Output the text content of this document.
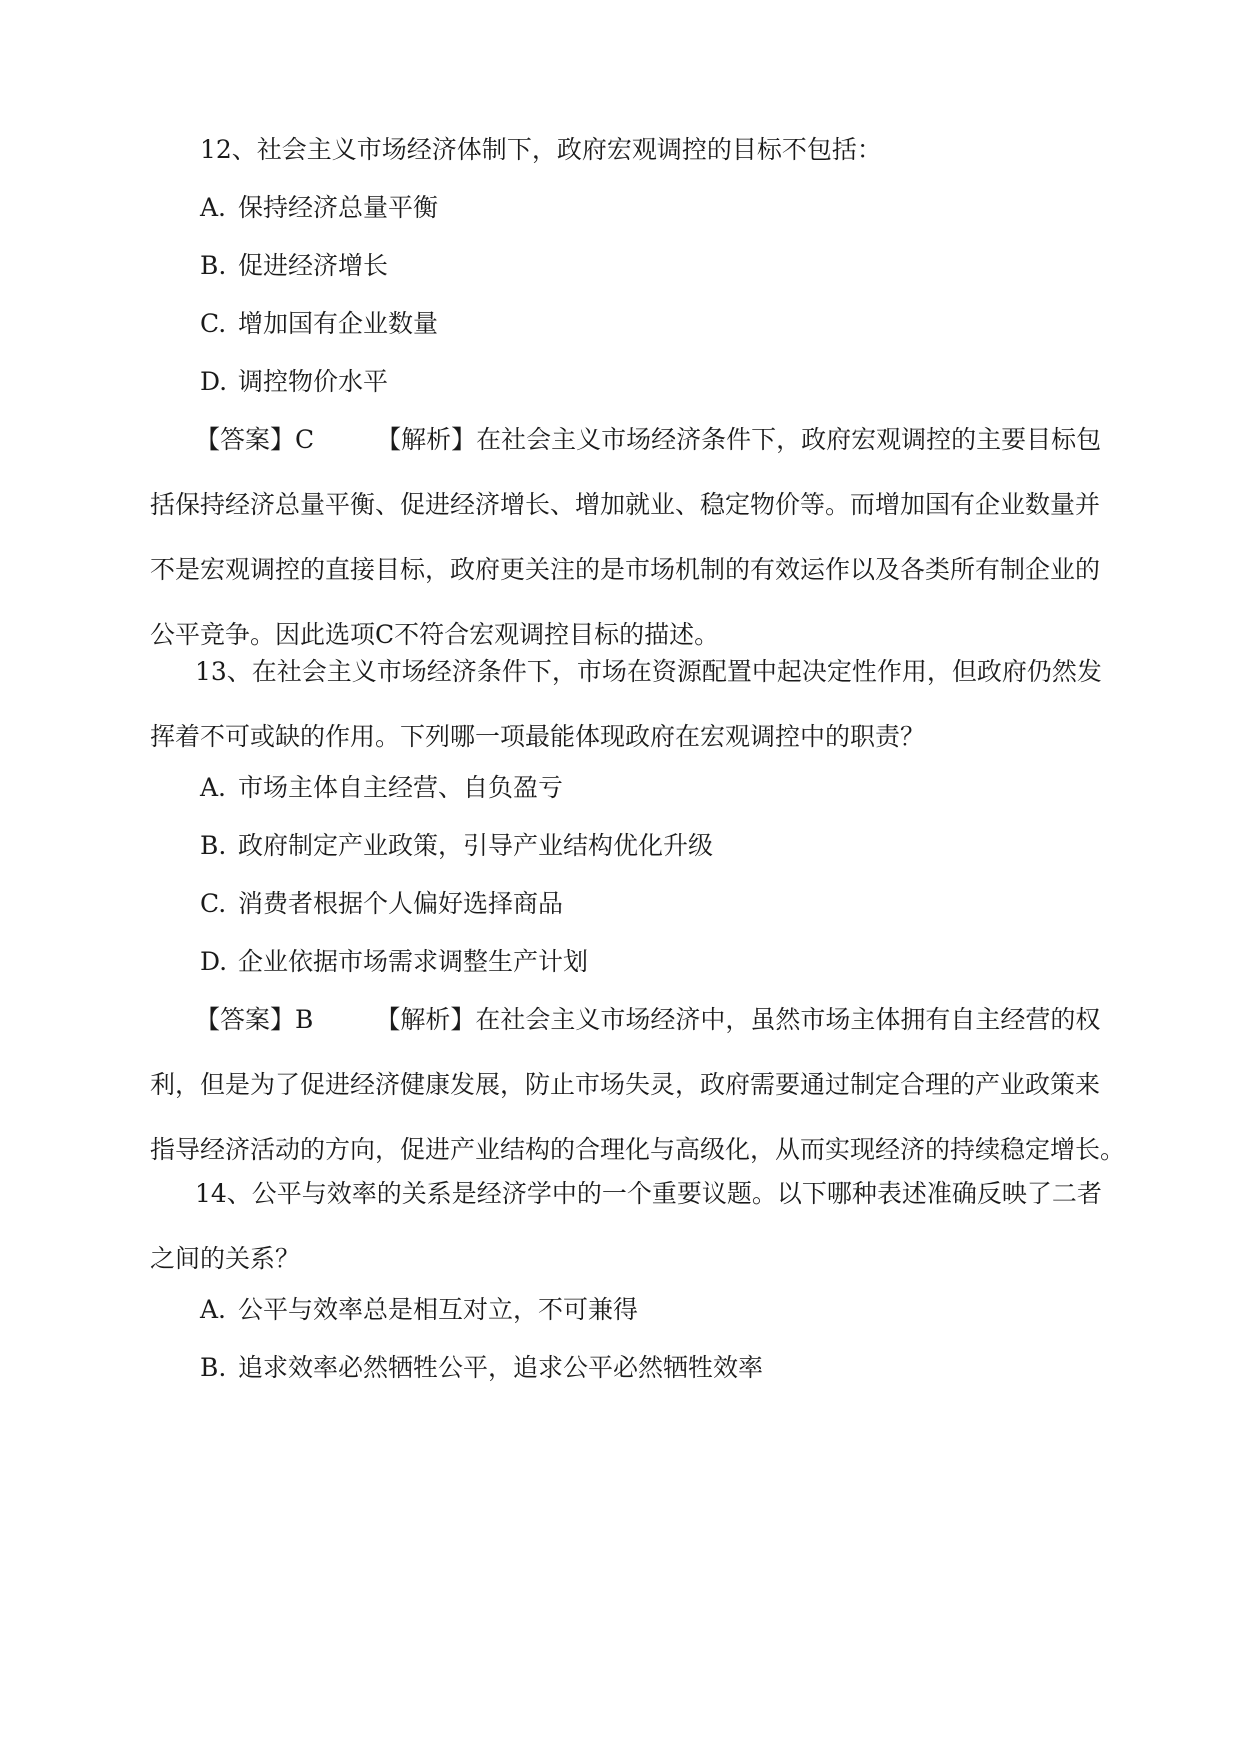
12、社会主义市场经济体制下，政府宏观调控的目标不包括：
A. 保持经济总量平衡
B. 促进经济增长
C. 增加国有企业数量
D. 调控物价水平
【答案】C 【解析】在社会主义市场经济条件下，政府宏观调控的主要目标包
括保持经济总量平衡、促进经济增长、增加就业、稳定物价等。而增加国有企业数量并
不是宏观调控的直接目标，政府更关注的是市场机制的有效运作以及各类所有制企业的
公平竞争。因此选项C不符合宏观调控目标的描述。
13、在社会主义市场经济条件下，市场在资源配置中起决定性作用，但政府仍然发
挥着不可或缺的作用。下列哪一项最能体现政府在宏观调控中的职责？
A. 市场主体自主经营、自负盈亏
B. 政府制定产业政策，引导产业结构优化升级
C. 消费者根据个人偏好选择商品
D. 企业依据市场需求调整生产计划
【答案】B 【解析】在社会主义市场经济中，虽然市场主体拥有自主经营的权
利，但是为了促进经济健康发展，防止市场失灵，政府需要通过制定合理的产业政策来
指导经济活动的方向，促进产业结构的合理化与高级化，从而实现经济的持续稳定增长。
14、公平与效率的关系是经济学中的一个重要议题。以下哪种表述准确反映了二者
之间的关系？
A. 公平与效率总是相互对立，不可兼得
B. 追求效率必然牺牲公平，追求公平必然牺牲效率
